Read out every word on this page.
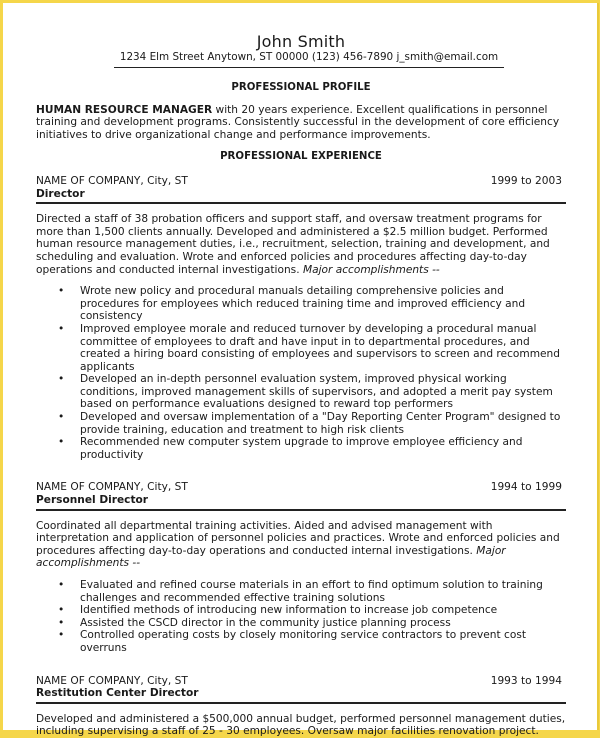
John Smith
1234 Elm Street Anytown, ST 00000 (123) 456-7890 j_smith@email.com
PROFESSIONAL PROFILE
HUMAN RESOURCE MANAGER with 20 years experience. Excellent qualifications in personnel training and development programs. Consistently successful in the development of core efficiency initiatives to drive organizational change and performance improvements.
PROFESSIONAL EXPERIENCE
NAME OF COMPANY, City, ST	1999 to 2003
Director
Directed a staff of 38 probation officers and support staff, and oversaw treatment programs for more than 1,500 clients annually. Developed and administered a $2.5 million budget. Performed human resource management duties, i.e., recruitment, selection, training and development, and scheduling and evaluation. Wrote and enforced policies and procedures affecting day-to-day operations and conducted internal investigations. Major accomplishments --
• Wrote new policy and procedural manuals detailing comprehensive policies and procedures for employees which reduced training time and improved efficiency and consistency
• Improved employee morale and reduced turnover by developing a procedural manual committee of employees to draft and have input in to departmental procedures, and created a hiring board consisting of employees and supervisors to screen and recommend applicants
• Developed an in-depth personnel evaluation system, improved physical working conditions, improved management skills of supervisors, and adopted a merit pay system based on performance evaluations designed to reward top performers
• Developed and oversaw implementation of a "Day Reporting Center Program" designed to provide training, education and treatment to high risk clients
• Recommended new computer system upgrade to improve employee efficiency and productivity
NAME OF COMPANY, City, ST	1994 to 1999
Personnel Director
Coordinated all departmental training activities. Aided and advised management with interpretation and application of personnel policies and practices. Wrote and enforced policies and procedures affecting day-to-day operations and conducted internal investigations. Major accomplishments --
• Evaluated and refined course materials in an effort to find optimum solution to training challenges and recommended effective training solutions
• Identified methods of introducing new information to increase job competence
• Assisted the CSCD director in the community justice planning process
• Controlled operating costs by closely monitoring service contractors to prevent cost overruns
NAME OF COMPANY, City, ST	1993 to 1994
Restitution Center Director
Developed and administered a $500,000 annual budget, performed personnel management duties, including supervising a staff of 25 - 30 employees. Oversaw major facilities renovation project.
